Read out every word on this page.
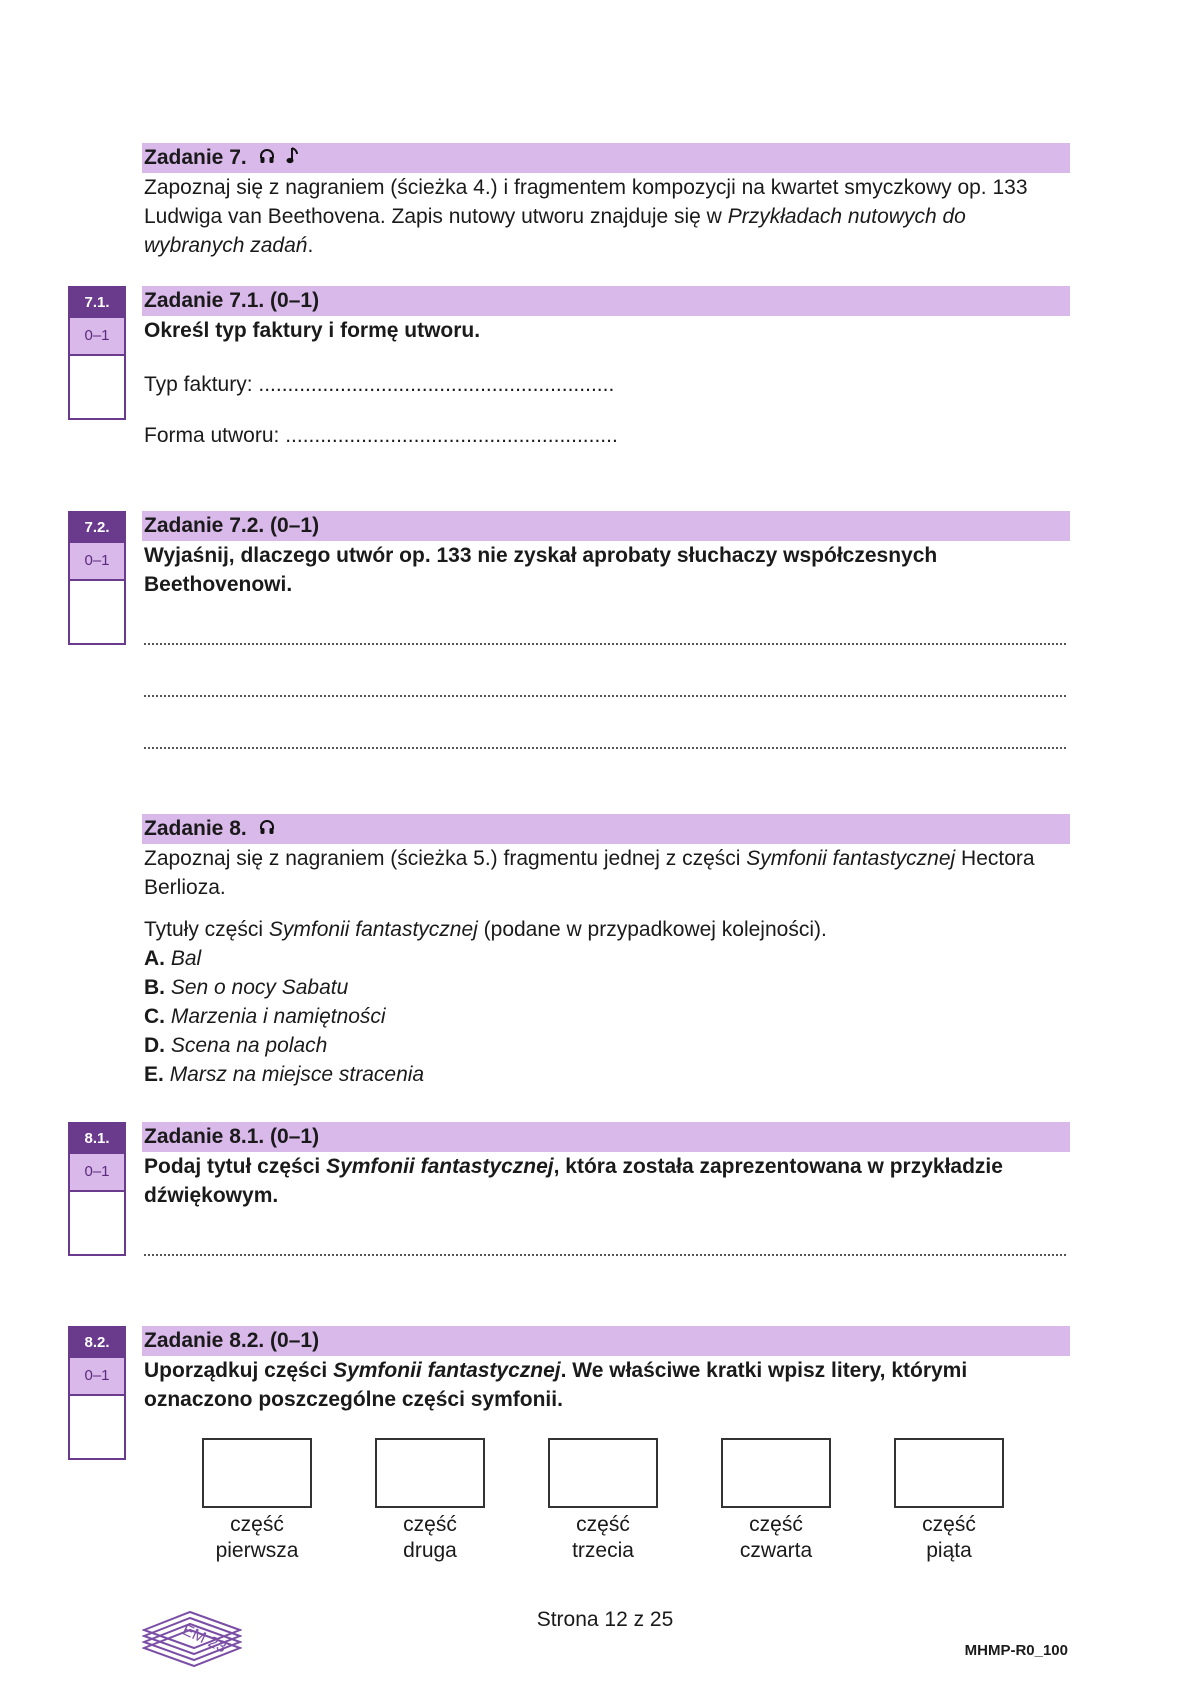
Zadanie 7.
Zapoznaj się z nagraniem (ścieżka 4.) i fragmentem kompozycji na kwartet smyczkowy op. 133 Ludwiga van Beethovena. Zapis nutowy utworu znajduje się w Przykładach nutowych do wybranych zadań.
7.1.
0–1
Zadanie 7.1. (0–1)
Określ typ faktury i formę utworu.
Typ faktury: .............................................................
Forma utworu: .........................................................
7.2.
0–1
Zadanie 7.2. (0–1)
Wyjaśnij, dlaczego utwór op. 133 nie zyskał aprobaty słuchaczy współczesnych Beethovenowi.
Zadanie 8.
Zapoznaj się z nagraniem (ścieżka 5.) fragmentu jednej z części Symfonii fantastycznej Hectora Berlioza.
Tytuły części Symfonii fantastycznej (podane w przypadkowej kolejności).
A. Bal
B. Sen o nocy Sabatu
C. Marzenia i namiętności
D. Scena na polach
E. Marsz na miejsce stracenia
8.1.
0–1
Zadanie 8.1. (0–1)
Podaj tytuł części Symfonii fantastycznej, która została zaprezentowana w przykładzie dźwiękowym.
8.2.
0–1
Zadanie 8.2. (0–1)
Uporządkuj części Symfonii fantastycznej. We właściwe kratki wpisz litery, którymi oznaczono poszczególne części symfonii.
część
pierwsza
część
druga
część
trzecia
część
czwarta
część
piąta
EM 23
Strona 12 z 25
MHMP-R0_100
